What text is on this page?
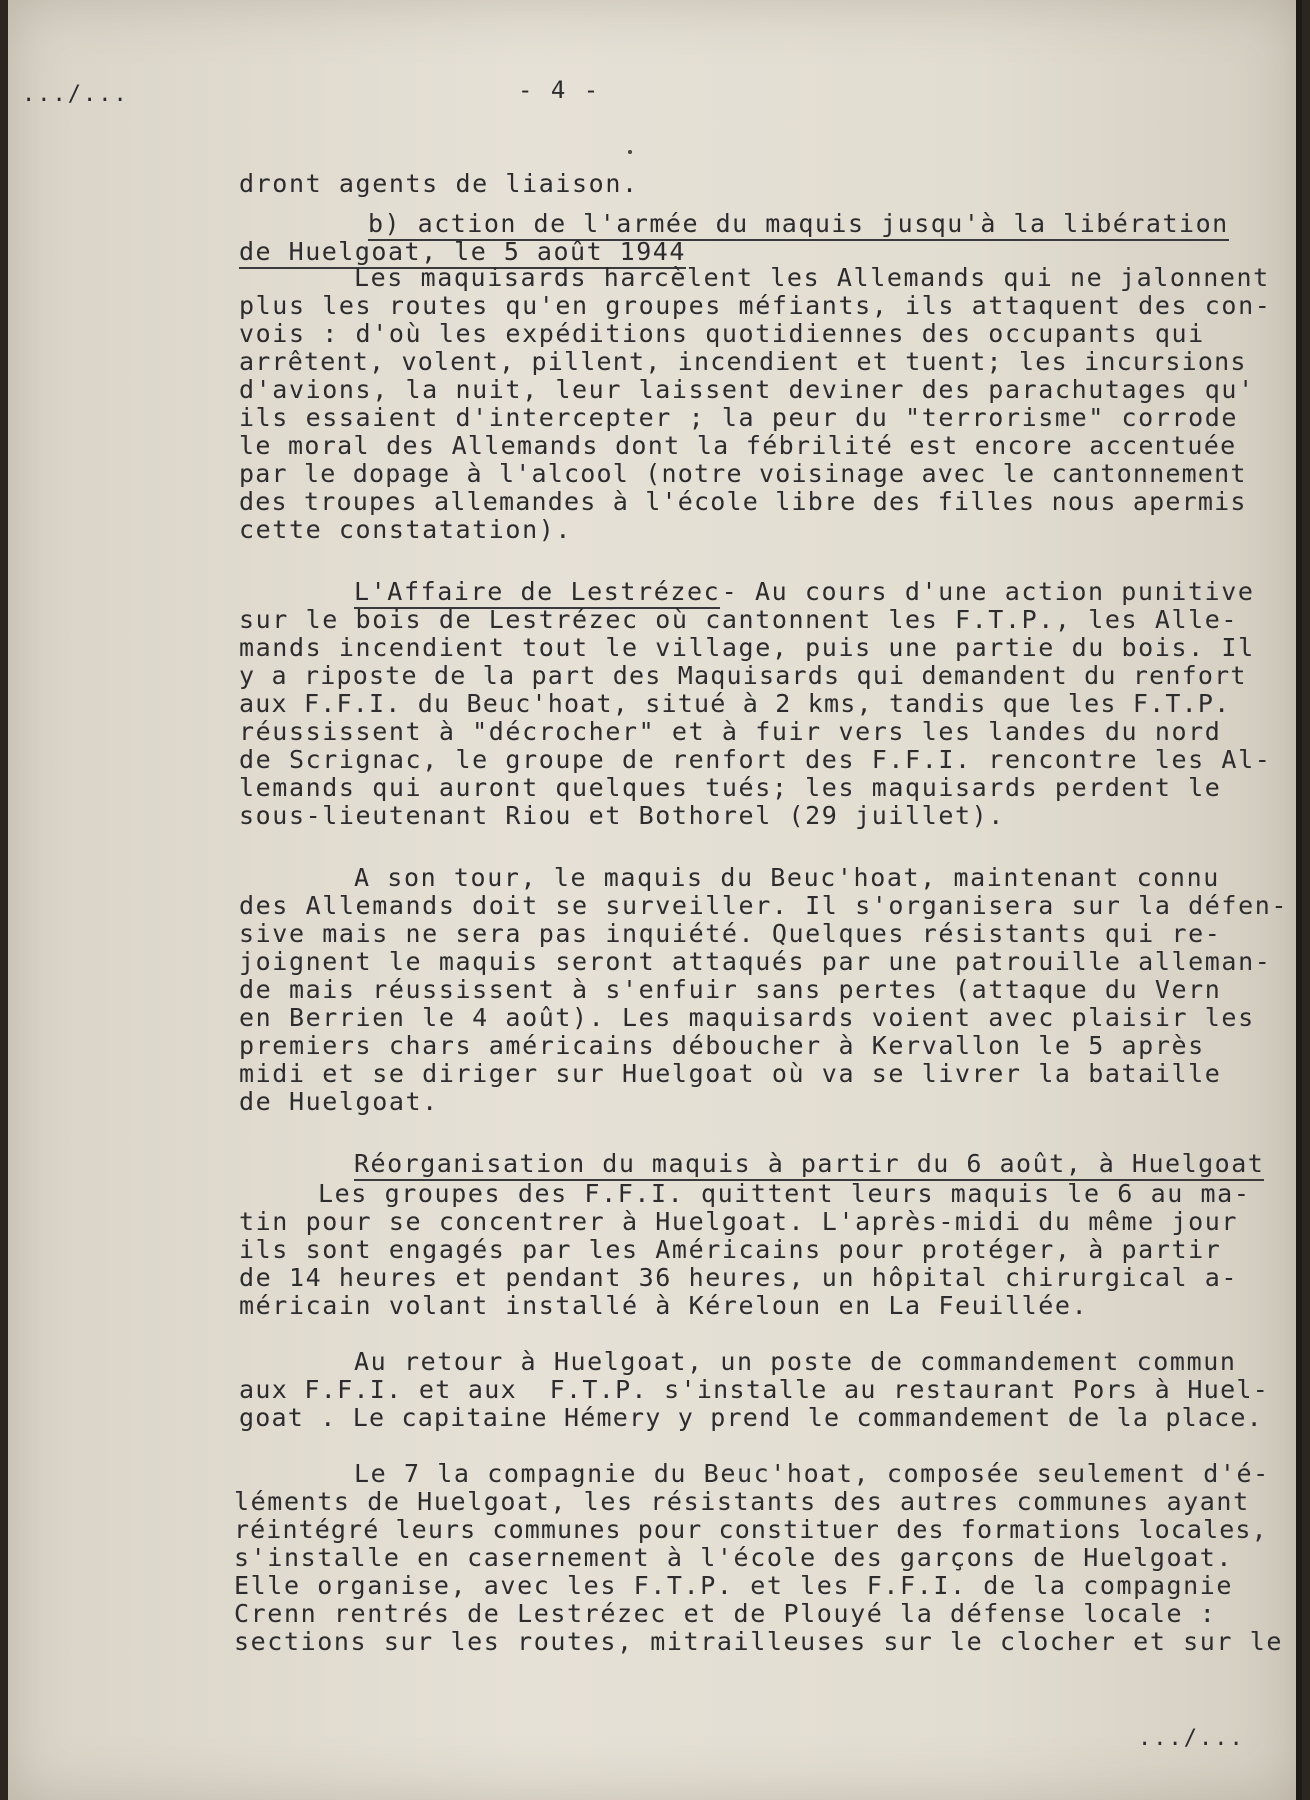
.../...	- 4 -

dront agents de liaison.

b) action de l'armée du maquis jusqu'à la libération

de Huelgoat, le 5 août 1944

Les maquisards harcèlent les Allemands qui ne jalonnent

plus les routes qu'en groupes méfiants, ils attaquent des con-

vois : d'où les expéditions quotidiennes des occupants qui

arrêtent, volent, pillent, incendient et tuent; les incursions

d'avions, la nuit, leur laissent deviner des parachutages qu'

ils essaient d'intercepter ; la peur du "terrorisme" corrode

le moral des Allemands dont la fébrilité est encore accentuée

par le dopage à l'alcool (notre voisinage avec le cantonnement

des troupes allemandes à l'école libre des filles nous apermis

cette constatation).

L'Affaire de Lestrézec

- Au cours d'une action punitive

sur le bois de Lestrézec où cantonnent les F.T.P., les Alle-

mands incendient tout le village, puis une partie du bois. Il

y a riposte de la part des Maquisards qui demandent du renfort

aux F.F.I. du Beuc'hoat, situé à 2 kms, tandis que les F.T.P.

réussissent à "décrocher" et à fuir vers les landes du nord

de Scrignac, le groupe de renfort des F.F.I. rencontre les Al-

lemands qui auront quelques tués; les maquisards perdent le

sous-lieutenant Riou et Bothorel (29 juillet).

A son tour, le maquis du Beuc'hoat, maintenant connu

des Allemands doit se surveiller. Il s'organisera sur la défen-

sive mais ne sera pas inquiété. Quelques résistants qui re-

joignent le maquis seront attaqués par une patrouille alleman-

de mais réussissent à s'enfuir sans pertes (attaque du Vern

en Berrien le 4 août). Les maquisards voient avec plaisir les

premiers chars américains déboucher à Kervallon le 5 après

midi et se diriger sur Huelgoat où va se livrer la bataille

de Huelgoat.

Réorganisation du maquis à partir du 6 août, à Huelgoat

Les groupes des F.F.I. quittent leurs maquis le 6 au ma-

tin pour se concentrer à Huelgoat. L'après-midi du même jour

ils sont engagés par les Américains pour protéger, à partir

de 14 heures et pendant 36 heures, un hôpital chirurgical a-

méricain volant installé à Kéreloun en La Feuillée.

Au retour à Huelgoat, un poste de commandement commun

aux F.F.I. et aux  F.T.P. s'installe au restaurant Pors à Huel-

goat . Le capitaine Hémery y prend le commandement de la place.

Le 7 la compagnie du Beuc'hoat, composée seulement d'é-

léments de Huelgoat, les résistants des autres communes ayant

réintégré leurs communes pour constituer des formations locales,

s'installe en casernement à l'école des garçons de Huelgoat.

Elle organise, avec les F.T.P. et les F.F.I. de la compagnie

Crenn rentrés de Lestrézec et de Plouyé la défense locale :

sections sur les routes, mitrailleuses sur le clocher et sur le

.../...
